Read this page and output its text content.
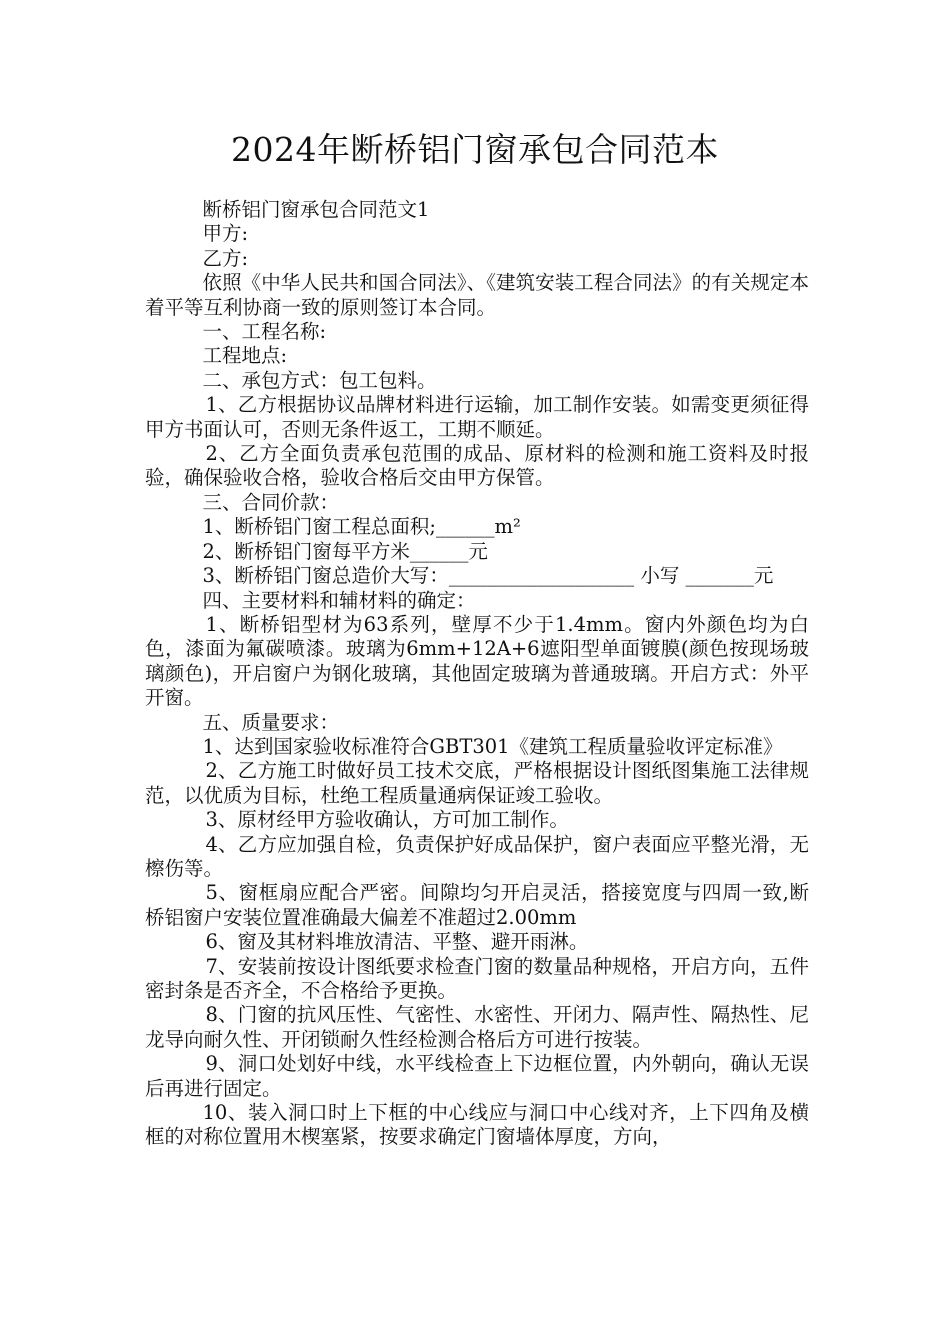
2024年断桥铝门窗承包合同范本

断桥铝门窗承包合同范文1

甲方:

乙方:

依照《中华人民共和国合同法》、《建筑安装工程合同法》的有关规定本着平等互利协商一致的原则签订本合同。

一、工程名称:

工程地点:

二、承包方式：包工包料。

1、乙方根据协议品牌材料进行运输，加工制作安装。如需变更须征得甲方书面认可，否则无条件返工，工期不顺延。

2、乙方全面负责承包范围的成品、原材料的检测和施工资料及时报验，确保验收合格，验收合格后交由甲方保管。

三、合同价款：

1、断桥铝门窗工程总面积;______m²

2、断桥铝门窗每平方米______元

3、断桥铝门窗总造价大写：___________________ 小写 _______元

四、主要材料和辅材料的确定：

1、断桥铝型材为63系列，壁厚不少于1.4mm。窗内外颜色均为白色，漆面为氟碳喷漆。玻璃为6mm+12A+6遮阳型单面镀膜(颜色按现场玻璃颜色)，开启窗户为钢化玻璃，其他固定玻璃为普通玻璃。开启方式：外平开窗。

五、质量要求：

1、达到国家验收标准符合GBT301《建筑工程质量验收评定标准》

2、乙方施工时做好员工技术交底，严格根据设计图纸图集施工法律规范，以优质为目标，杜绝工程质量通病保证竣工验收。

3、原材经甲方验收确认，方可加工制作。

4、乙方应加强自检，负责保护好成品保护，窗户表面应平整光滑，无檫伤等。

5、窗框扇应配合严密。间隙均匀开启灵活，搭接宽度与四周一致,断桥铝窗户安装位置准确最大偏差不准超过2.00mm

6、窗及其材料堆放清洁、平整、避开雨淋。

7、安装前按设计图纸要求检查门窗的数量品种规格，开启方向，五件密封条是否齐全，不合格给予更换。

8、门窗的抗风压性、气密性、水密性、开闭力、隔声性、隔热性、尼龙导向耐久性、开闭锁耐久性经检测合格后方可进行按装。

9、洞口处划好中线，水平线检查上下边框位置，内外朝向，确认无误后再进行固定。

10、装入洞口时上下框的中心线应与洞口中心线对齐，上下四角及横框的对称位置用木楔塞紧，按要求确定门窗墙体厚度，方向，
